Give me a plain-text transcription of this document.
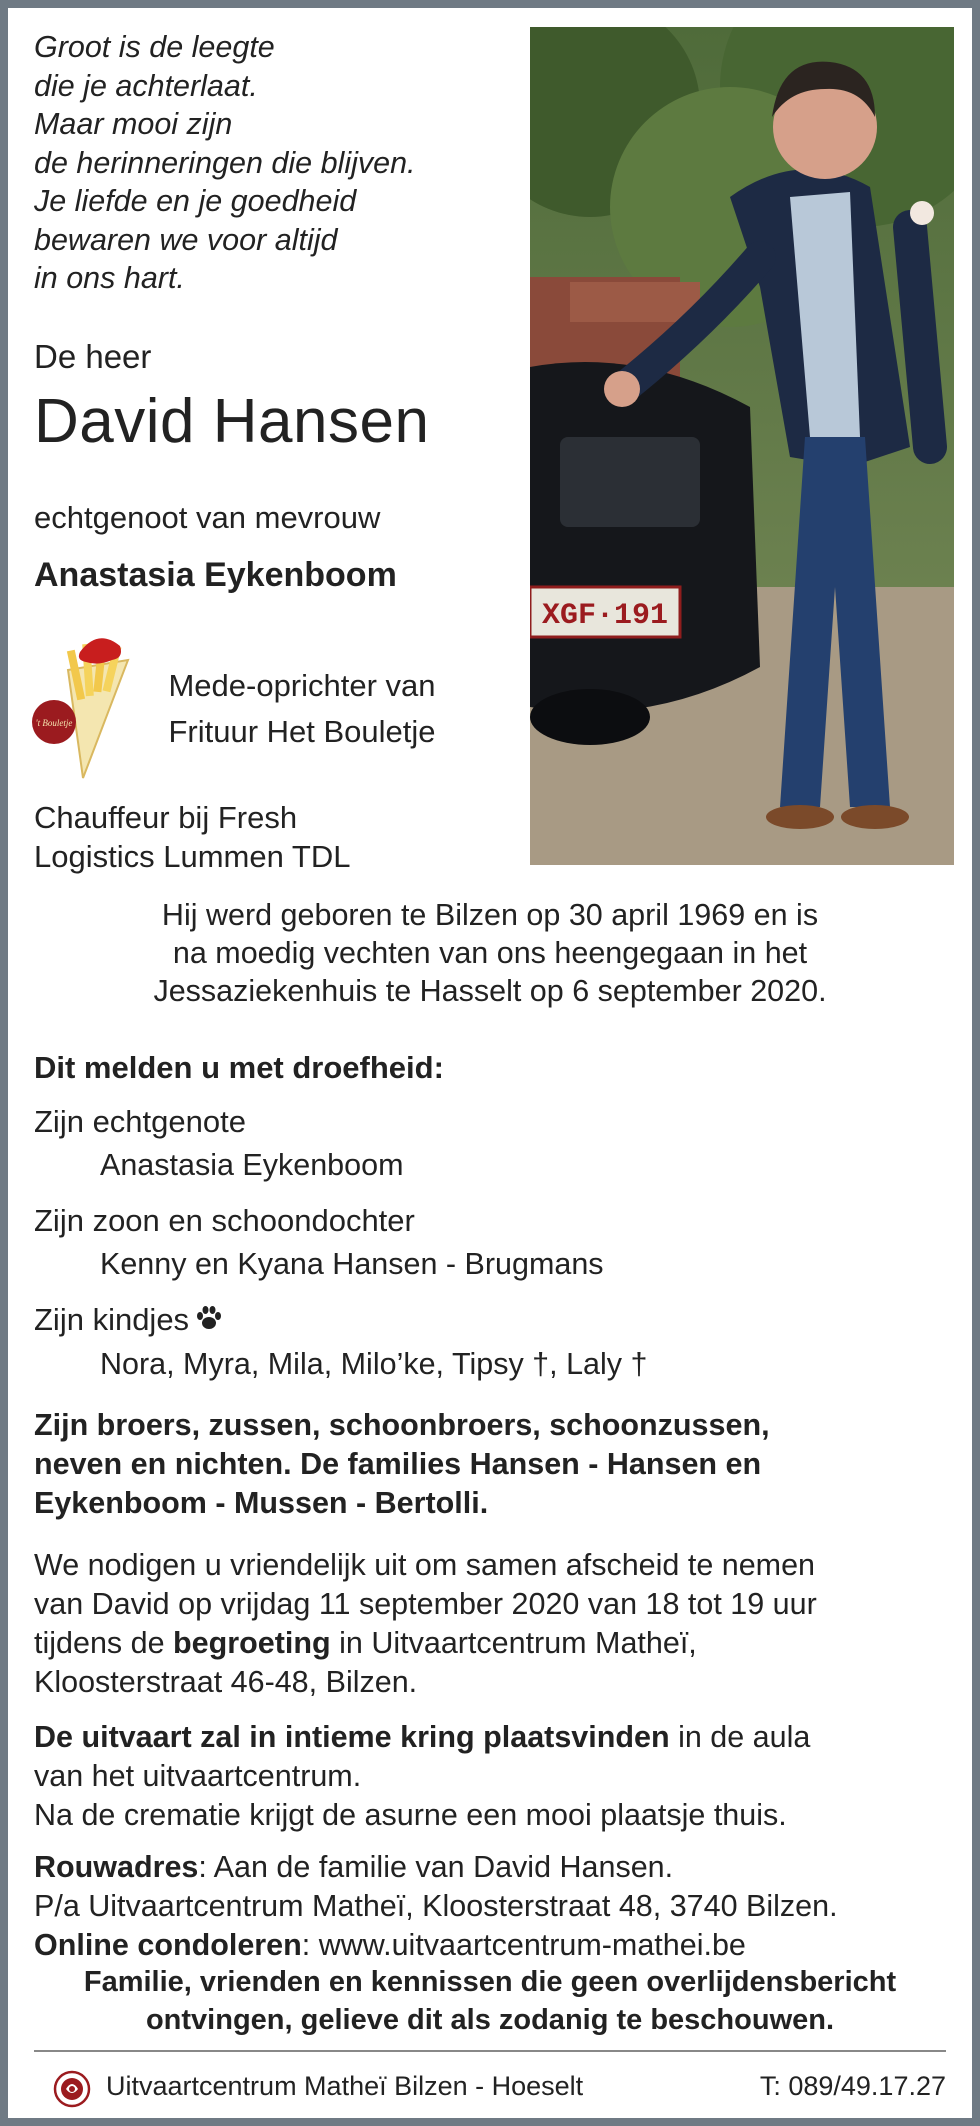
Groot is de leegte
die je achterlaat.
Maar mooi zijn
de herinneringen die blijven.
Je liefde en je goedheid
bewaren we voor altijd
in ons hart.
XGF·191
De heer
David Hansen
echtgenoot van mevrouw
Anastasia Eykenboom
't Bouletje
Mede-oprichter van
Frituur Het Bouletje
Chauffeur bij Fresh
Logistics Lummen TDL
Hij werd geboren te Bilzen op 30 april 1969 en is
na moedig vechten van ons heengegaan in het
Jessaziekenhuis te Hasselt op 6 september 2020.
Dit melden u met droefheid:
Zijn echtgenote
Anastasia Eykenboom
Zijn zoon en schoondochter
Kenny en Kyana Hansen - Brugmans
Zijn kindjes
Nora, Myra, Mila, Milo’ke, Tipsy †, Laly †
Zijn broers, zussen, schoonbroers, schoonzussen,
neven en nichten. De families Hansen - Hansen en
Eykenboom - Mussen - Bertolli.
We nodigen u vriendelijk uit om samen afscheid te nemen
van David op vrijdag 11 september 2020 van 18 tot 19 uur
tijdens de begroeting in Uitvaartcentrum Matheï,
Kloosterstraat 46-48, Bilzen.
De uitvaart zal in intieme kring plaatsvinden in de aula
van het uitvaartcentrum.
Na de crematie krijgt de asurne een mooi plaatsje thuis.
Rouwadres: Aan de familie van David Hansen.
P/a Uitvaartcentrum Matheï, Kloosterstraat 48, 3740 Bilzen.
Online condoleren: www.uitvaartcentrum-mathei.be
Familie, vrienden en kennissen die geen overlijdensbericht
ontvingen, gelieve dit als zodanig te beschouwen.
Uitvaartcentrum Matheï Bilzen - Hoeselt	T: 089/49.17.27
